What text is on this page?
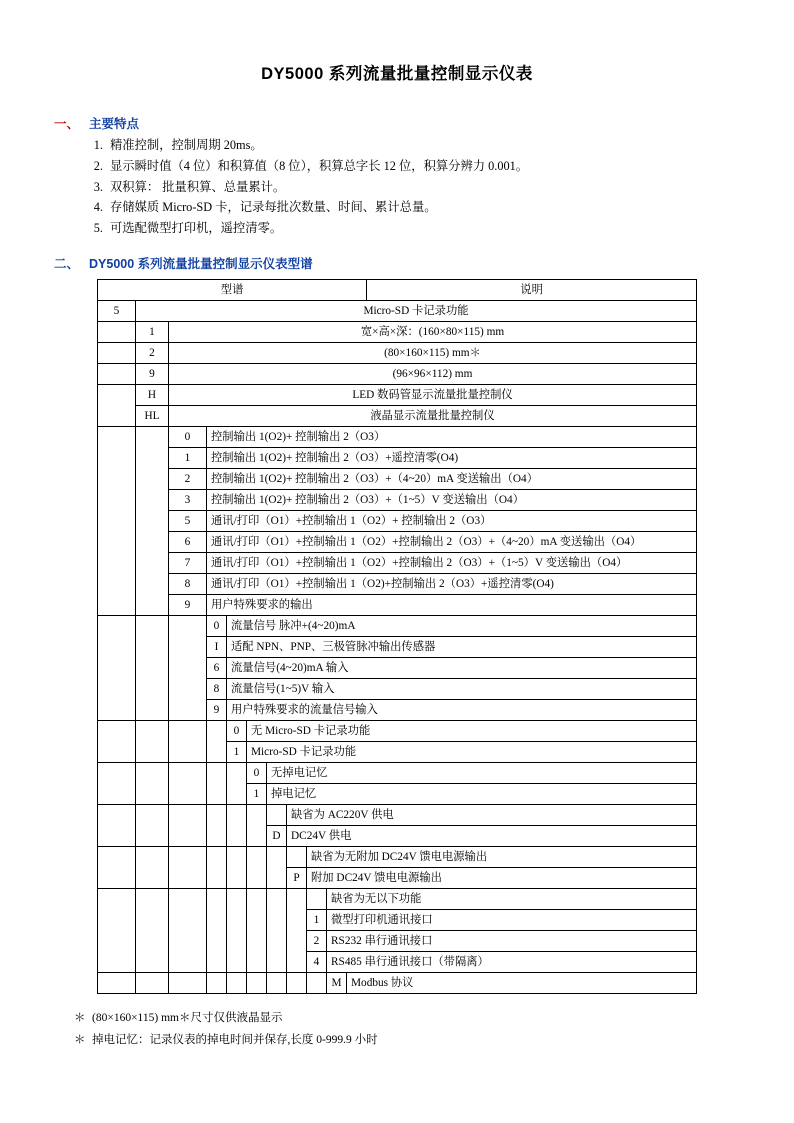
DY5000 系列流量批量控制显示仪表
一、 主要特点
1. 精准控制，控制周期 20ms。
2. 显示瞬时值（4 位）和积算值（8 位），积算总字长 12 位，积算分辨力 0.001。
3. 双积算： 批量积算、总量累计。
4. 存储媒质 Micro-SD 卡，记录每批次数量、时间、累计总量。
5. 可选配微型打印机，遥控清零。
二、 DY5000 系列流量批量控制显示仪表型谱
型谱											说明
5	Micro-SD 卡记录功能										
	1	宽×高×深：(160×80×115) mm									
	2	(80×160×115) mm＊									
	9	(96×96×112) mm									
	H	LED 数码管显示流量批量控制仪									
	HL	液晶显示流量批量控制仪									
		0	控制输出 1(O2)+ 控制输出 2（O3）								
		1	控制输出 1(O2)+ 控制输出 2（O3）+遥控清零(O4)								
		2	控制输出 1(O2)+ 控制输出 2（O3）+（4~20）mA 变送输出（O4）								
		3	控制输出 1(O2)+ 控制输出 2（O3）+（1~5）V 变送输出（O4）								
		5	通讯/打印（O1）+控制输出 1（O2）+ 控制输出 2（O3）								
		6	通讯/打印（O1）+控制输出 1（O2）+控制输出 2（O3）+（4~20）mA 变送输出（O4）								
		7	通讯/打印（O1）+控制输出 1（O2）+控制输出 2（O3）+（1~5）V 变送输出（O4）								
		8	通讯/打印（O1）+控制输出 1（O2)+控制输出 2（O3）+遥控清零(O4)								
		9	用户特殊要求的输出								
			0	流量信号 脉冲+(4~20)mA							
			I	适配 NPN、PNP、三极管脉冲输出传感器							
			6	流量信号(4~20)mA 输入							
			8	流量信号(1~5)V 输入							
			9	用户特殊要求的流量信号输入							
				0	无 Micro-SD 卡记录功能						
				1	Micro-SD 卡记录功能						
					0	无掉电记忆					
					1	掉电记忆					
							缺省为 AC220V 供电				
						D	DC24V 供电				
								缺省为无附加 DC24V 馈电电源输出			
							P	附加 DC24V 馈电电源输出			
									缺省为无以下功能		
								1	微型打印机通讯接口		
								2	RS232 串行通讯接口		
								4	RS485 串行通讯接口（带隔离）		
									M	Modbus 协议	
＊ (80×160×115) mm＊尺寸仅供液晶显示
＊ 掉电记忆：记录仪表的掉电时间并保存,长度 0-999.9 小时
